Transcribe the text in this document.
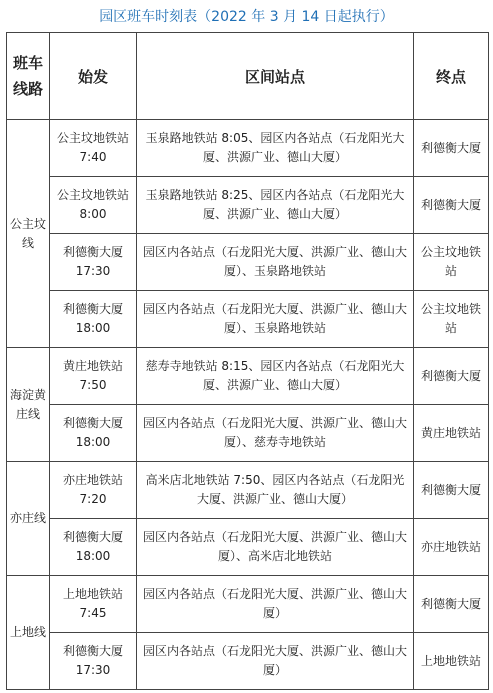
园区班车时刻表（2022 年 3 月 14 日起执行）
班车线路	始发	区间站点	终点
公主坟线	公主坟地铁站 7:40	玉泉路地铁站 8:05、园区内各站点（石龙阳光大厦、洪源广业、德山大厦）	利德衡大厦
	公主坟地铁站 8:00	玉泉路地铁站 8:25、园区内各站点（石龙阳光大厦、洪源广业、德山大厦）	利德衡大厦
	利德衡大厦 17:30	园区内各站点（石龙阳光大厦、洪源广业、德山大厦）、玉泉路地铁站	公主坟地铁站
	利德衡大厦 18:00	园区内各站点（石龙阳光大厦、洪源广业、德山大厦）、玉泉路地铁站	公主坟地铁站
海淀黄庄线	黄庄地铁站 7:50	慈寿寺地铁站 8:15、园区内各站点（石龙阳光大厦、洪源广业、德山大厦）	利德衡大厦
	利德衡大厦 18:00	园区内各站点（石龙阳光大厦、洪源广业、德山大厦）、慈寿寺地铁站	黄庄地铁站
亦庄线	亦庄地铁站 7:20	高米店北地铁站 7:50、园区内各站点（石龙阳光大厦、洪源广业、德山大厦）	利德衡大厦
	利德衡大厦 18:00	园区内各站点（石龙阳光大厦、洪源广业、德山大厦）、高米店北地铁站	亦庄地铁站
上地线	上地地铁站 7:45	园区内各站点（石龙阳光大厦、洪源广业、德山大厦）	利德衡大厦
	利德衡大厦 17:30	园区内各站点（石龙阳光大厦、洪源广业、德山大厦）	上地地铁站
